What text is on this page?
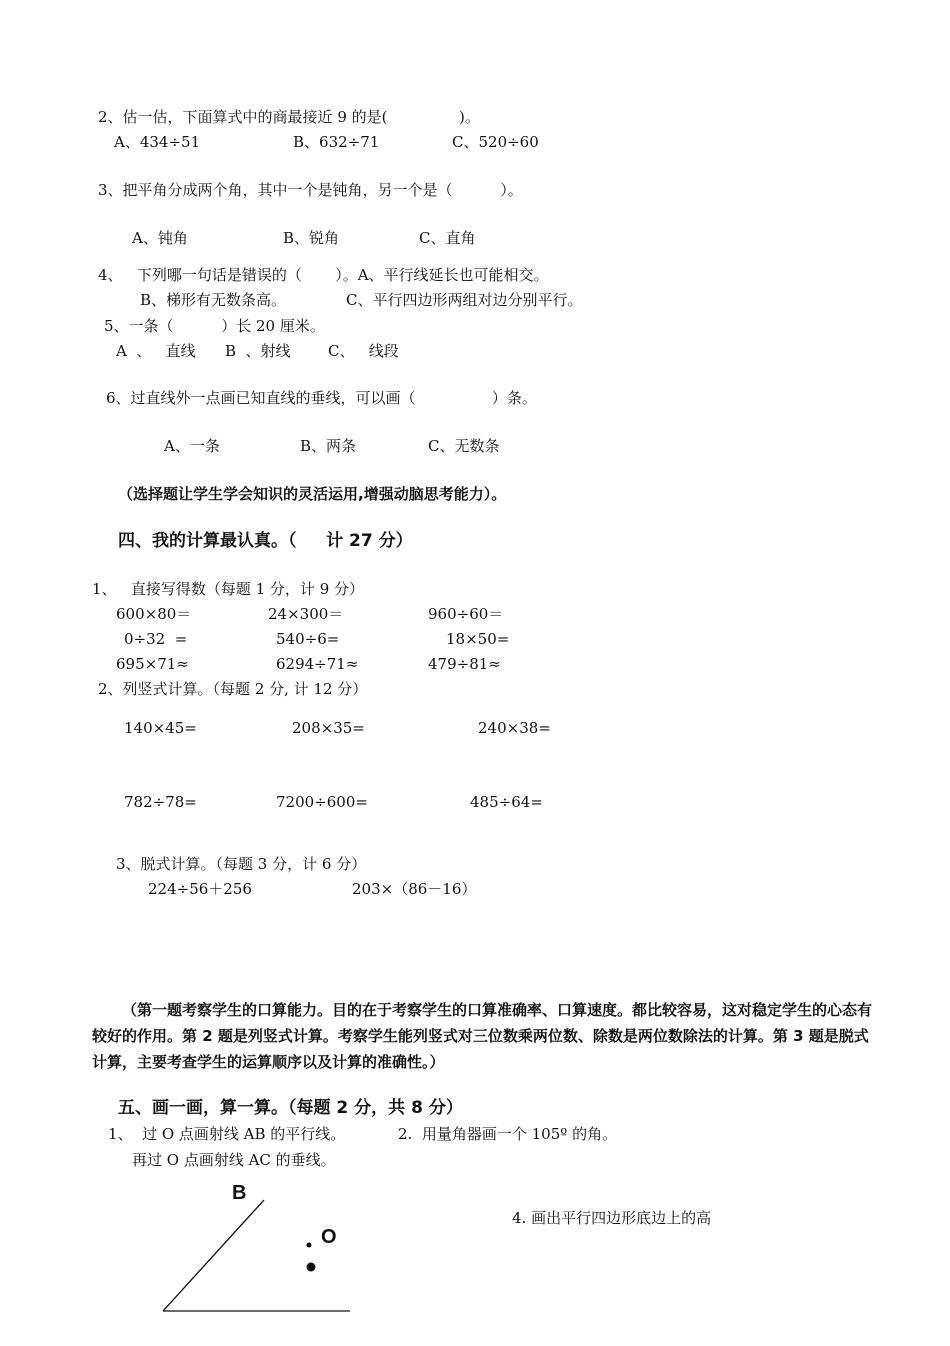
2、估一估，下面算式中的商最接近 9 的是(               )。
A、434÷51	B、632÷71	C、520÷60
3、把平角分成两个角，其中一个是钝角，另一个是（          ）。
A、钝角	B、锐角	C、直角
4、   下列哪一句话是错误的（       ）。A、平行线延长也可能相交。
B、梯形有无数条高。	C、平行四边形两组对边分别平行。
5、一条（          ）长 20 厘米。
A  、   直线 B  、射线 C、   线段
6、过直线外一点画已知直线的垂线，可以画（                ）条。
A、一条	B、两条	C、无数条
（选择题让学生学会知识的灵活运用,增强动脑思考能力）。
四、我的计算最认真。（     计 27 分）
1、   直接写得数（每题 1 分，计 9 分）
600×80＝	24×300＝	960÷60＝
0÷32  =	540÷6=	18×50=
695×71≈	6294÷71≈	479÷81≈
2、列竖式计算。（每题 2 分, 计 12 分）
140×45=	208×35=	240×38=
782÷78=	7200÷600=	485÷64=
3、脱式计算。（每题 3 分，计 6 分）
224÷56＋256	203×（86－16）
（第一题考察学生的口算能力。目的在于考察学生的口算准确率、口算速度。都比较容易，这对稳定学生的心态有较好的作用。第 2 题是列竖式计算。考察学生能列竖式对三位数乘两位数、除数是两位数除法的计算。第 3 题是脱式计算，主要考查学生的运算顺序以及计算的准确性。）
五、画一画，算一算。（每题 2 分，共 8 分）
1、  过 O 点画射线 AB 的平行线。
再过 O 点画射线 AC 的垂线。
2.  用量角器画一个 105º 的角。
4. 画出平行四边形底边上的高
B
O
